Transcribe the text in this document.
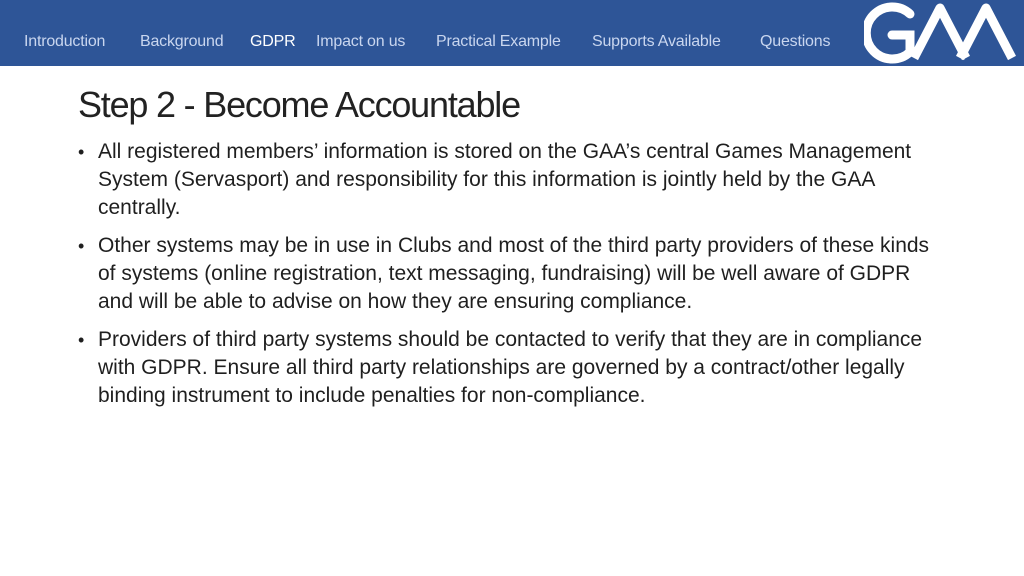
Introduction Background GDPR Impact on us Practical Example Supports Available Questions	GAA
Step 2 - Become Accountable
• All registered members’ information is stored on the GAA’s central Games Management System (Servasport) and responsibility for this information is jointly held by the GAA centrally.
• Other systems may be in use in Clubs and most of the third party providers of these kinds of systems (online registration, text messaging, fundraising) will be well aware of GDPR and will be able to advise on how they are ensuring compliance.
• Providers of third party systems should be contacted to verify that they are in compliance with GDPR. Ensure all third party relationships are governed by a contract/other legally binding instrument to include penalties for non-compliance.
